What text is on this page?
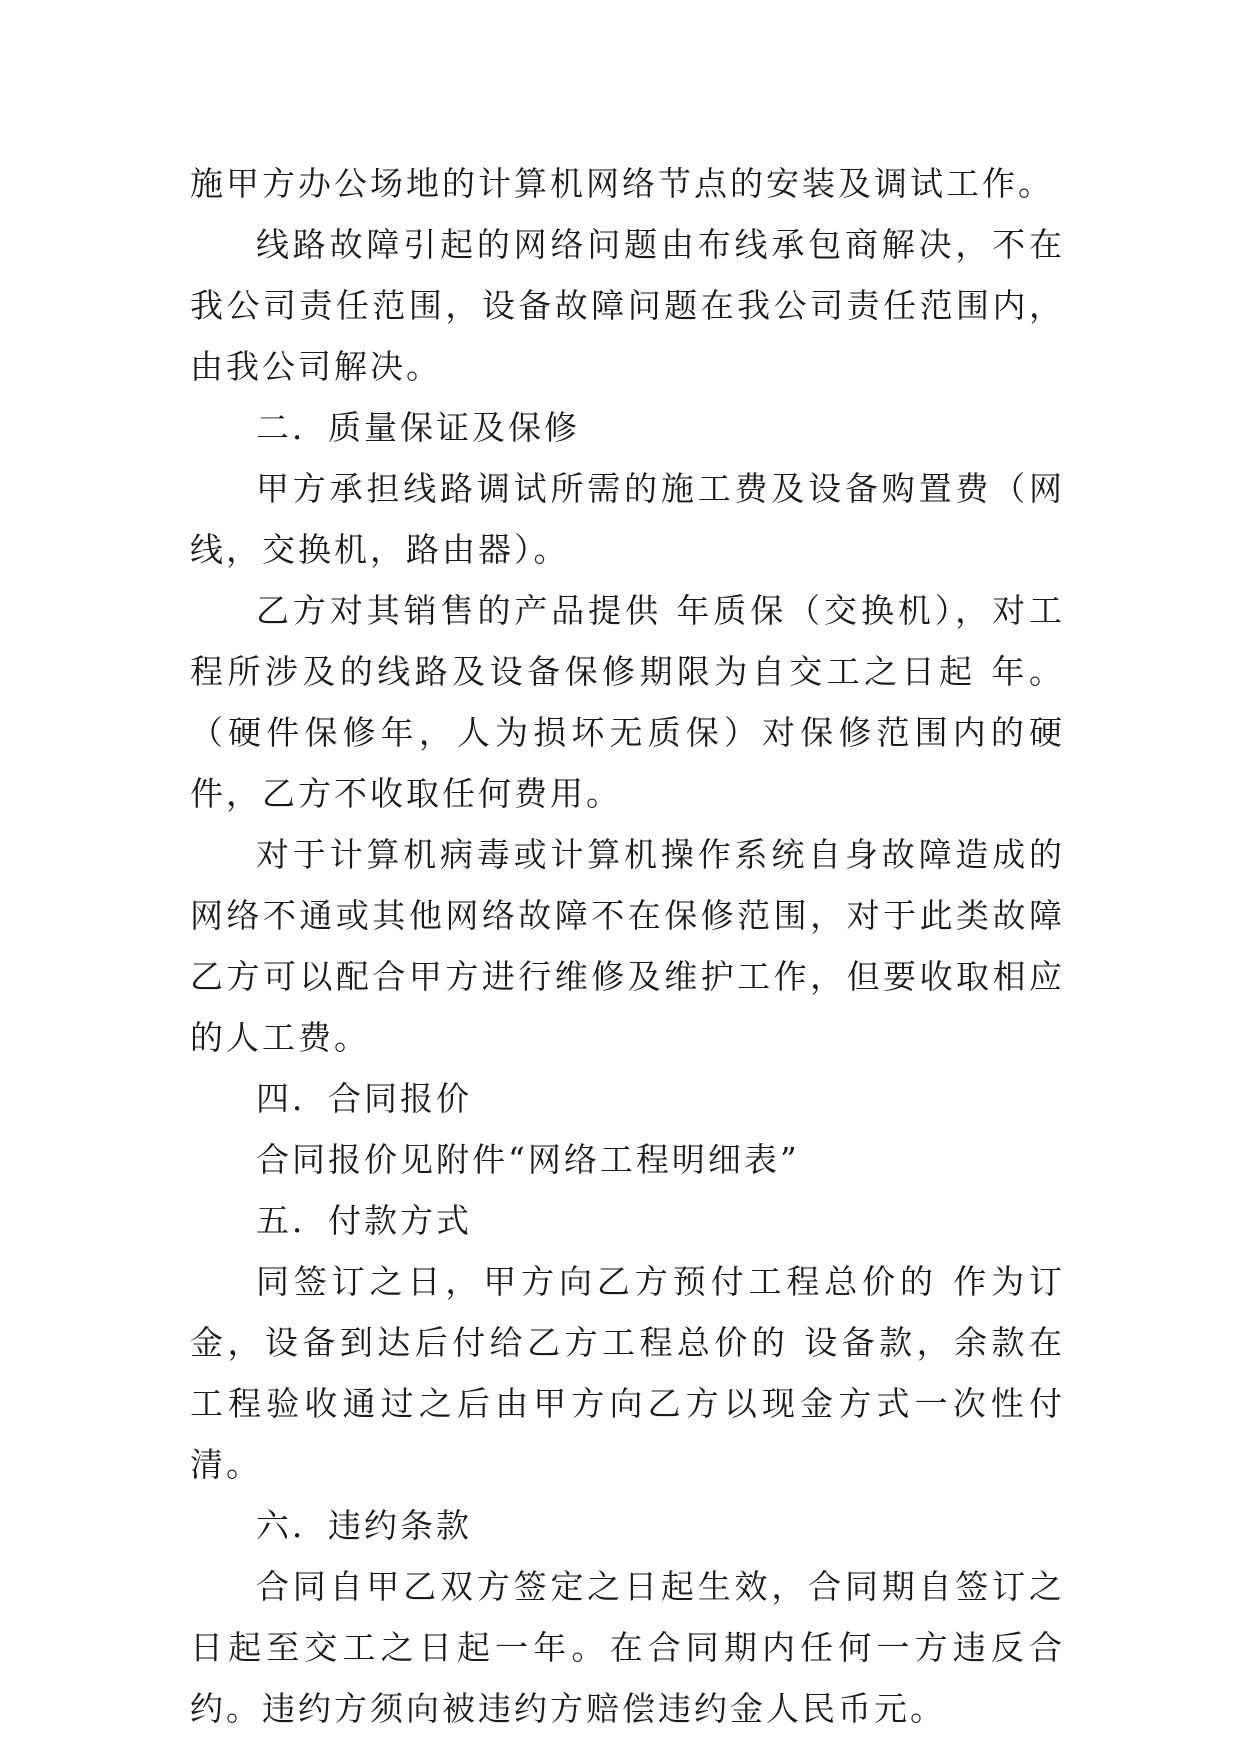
施甲方办公场地的计算机网络节点的安装及调试工作。

线路故障引起的网络问题由布线承包商解决，不在我公司责任范围，设备故障问题在我公司责任范围内，由我公司解决。

二．质量保证及保修

甲方承担线路调试所需的施工费及设备购置费（网线，交换机，路由器）。

乙方对其销售的产品提供 年质保（交换机），对工程所涉及的线路及设备保修期限为自交工之日起 年。（硬件保修年，人为损坏无质保）对保修范围内的硬件，乙方不收取任何费用。

对于计算机病毒或计算机操作系统自身故障造成的网络不通或其他网络故障不在保修范围，对于此类故障乙方可以配合甲方进行维修及维护工作，但要收取相应的人工费。

四．合同报价

合同报价见附件“网络工程明细表”

五．付款方式

同签订之日，甲方向乙方预付工程总价的 作为订金，设备到达后付给乙方工程总价的 设备款，余款在工程验收通过之后由甲方向乙方以现金方式一次性付清。

六．违约条款

合同自甲乙双方签定之日起生效，合同期自签订之日起至交工之日起一年。在合同期内任何一方违反合约。违约方须向被违约方赔偿违约金人民币元。
